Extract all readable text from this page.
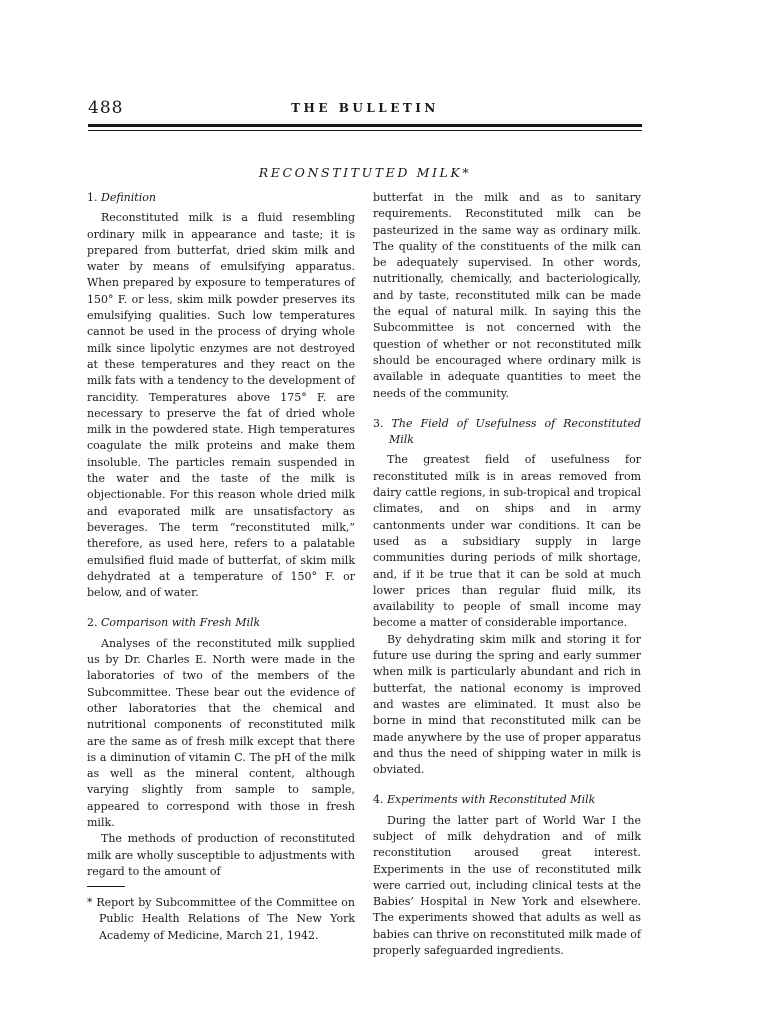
488	THE BULLETIN
RECONSTITUTED MILK*
1. Definition

Reconstituted milk is a fluid resembling ordinary milk in appearance and taste; it is prepared from butterfat, dried skim milk and water by means of emulsifying apparatus. When prepared by exposure to temperatures of 150° F. or less, skim milk powder preserves its emulsifying qualities. Such low temperatures cannot be used in the process of drying whole milk since lipolytic enzymes are not destroyed at these temperatures and they react on the milk fats with a tendency to the development of rancidity. Temperatures above 175° F. are necessary to preserve the fat of dried whole milk in the powdered state. High temperatures coagulate the milk proteins and make them insoluble. The particles remain suspended in the water and the taste of the milk is objectionable. For this reason whole dried milk and evaporated milk are unsatisfactory as beverages. The term “reconstituted milk,” therefore, as used here, refers to a palatable emulsified fluid made of butterfat, of skim milk dehydrated at a temperature of 150° F. or below, and of water.

2. Comparison with Fresh Milk

Analyses of the reconstituted milk supplied us by Dr. Charles E. North were made in the laboratories of two of the members of the Subcommittee. These bear out the evidence of other laboratories that the chemical and nutritional components of reconstituted milk are the same as of fresh milk except that there is a diminution of vitamin C. The pH of the milk as well as the mineral content, although varying slightly from sample to sample, appeared to correspond with those in fresh milk.

The methods of production of reconstituted milk are wholly susceptible to adjustments with regard to the amount of

* Report by Subcommittee of the Committee on Public Health Relations of The New York Academy of Medicine, March 21, 1942.

butterfat in the milk and as to sanitary requirements. Reconstituted milk can be pasteurized in the same way as ordinary milk. The quality of the constituents of the milk can be adequately supervised. In other words, nutritionally, chemically, and bacteriologically, and by taste, reconstituted milk can be made the equal of natural milk. In saying this the Subcommittee is not concerned with the question of whether or not reconstituted milk should be encouraged where ordinary milk is available in adequate quantities to meet the needs of the community.

3. The Field of Usefulness of Reconstituted Milk

The greatest field of usefulness for reconstituted milk is in areas removed from dairy cattle regions, in sub-tropical and tropical climates, and on ships and in army cantonments under war conditions. It can be used as a subsidiary supply in large communities during periods of milk shortage, and, if it be true that it can be sold at much lower prices than regular fluid milk, its availability to people of small income may become a matter of considerable importance.

By dehydrating skim milk and storing it for future use during the spring and early summer when milk is particularly abundant and rich in butterfat, the national economy is improved and wastes are eliminated. It must also be borne in mind that reconstituted milk can be made anywhere by the use of proper apparatus and thus the need of shipping water in milk is obviated.

4. Experiments with Reconstituted Milk

During the latter part of World War I the subject of milk dehydration and of milk reconstitution aroused great interest. Experiments in the use of reconstituted milk were carried out, including clinical tests at the Babies’ Hospital in New York and elsewhere. The experiments showed that adults as well as babies can thrive on reconstituted milk made of properly safeguarded ingredients.
